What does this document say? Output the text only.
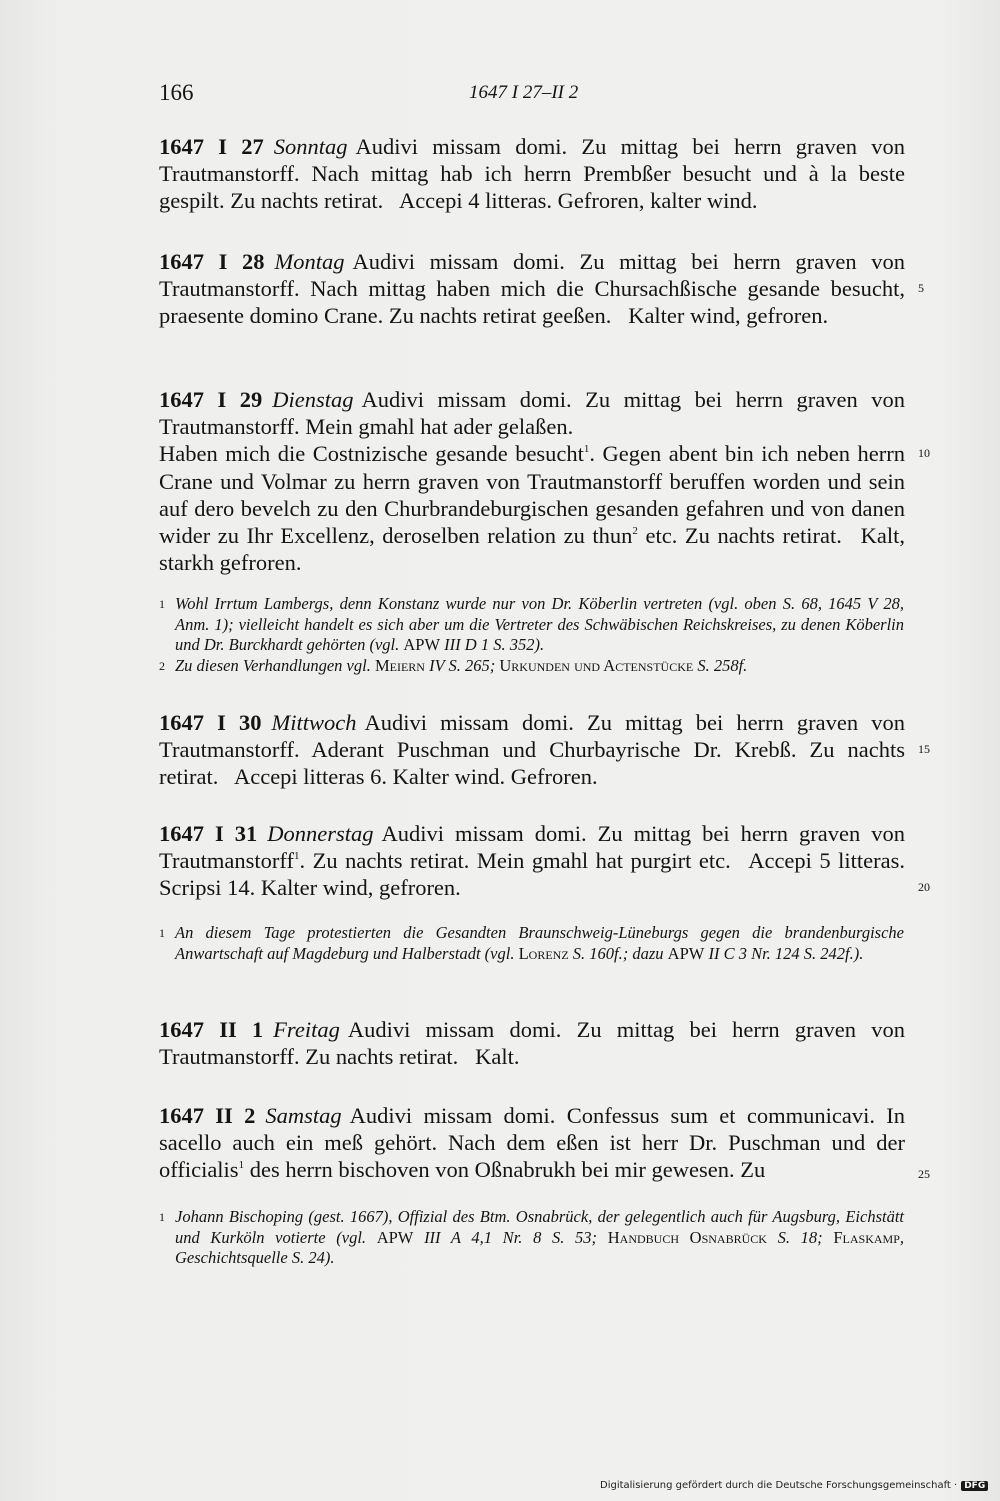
166	1647 I 27–II 2

1647 I 27 Sonntag Audivi missam domi. Zu mittag bei herrn graven von Trautmanstorff. Nach mittag hab ich herrn Prembßer besucht und à la beste gespilt. Zu nachts retirat.  Accepi 4 litteras. Gefroren, kalter wind.

1647 I 28 Montag Audivi missam domi. Zu mittag bei herrn graven von Trautmanstorff. Nach mittag haben mich die Chursachßische gesande besucht, praesente domino Crane. Zu nachts retirat geeßen.  Kalter wind, gefroren.

1647 I 29 Dienstag Audivi missam domi. Zu mittag bei herrn graven von Trautmanstorff. Mein gmahl hat ader gelaßen.

Haben mich die Costnizische gesande besucht$^1$. Gegen abent bin ich neben herrn Crane und Volmar zu herrn graven von Trautmanstorff beruffen worden und sein auf dero bevelch zu den Churbrandeburgischen gesanden gefahren und von danen wider zu Ihr Excellenz, deroselben relation zu thun$^2$ etc. Zu nachts retirat.  Kalt, starkh gefroren.

1 Wohl Irrtum Lambergs, denn Konstanz wurde nur von Dr. Köberlin vertreten (vgl. oben S. 68, 1645 V 28, Anm. 1); vielleicht handelt es sich aber um die Vertreter des Schwäbischen Reichskreises, zu denen Köberlin und Dr. Burckhardt gehörten (vgl. APW III D 1 S. 352).
2 Zu diesen Verhandlungen vgl. Meiern IV S. 265; Urkunden und Actenstücke S. 258f.

1647 I 30 Mittwoch Audivi missam domi. Zu mittag bei herrn graven von Trautmanstorff. Aderant Puschman und Churbayrische Dr. Krebß. Zu nachts retirat.  Accepi litteras 6. Kalter wind. Gefroren.

1647 I 31 Donnerstag Audivi missam domi. Zu mittag bei herrn graven von Trautmanstorff$^1$. Zu nachts retirat. Mein gmahl hat purgirt etc.  Accepi 5 litteras. Scripsi 14. Kalter wind, gefroren.

1 An diesem Tage protestierten die Gesandten Braunschweig-Lüneburgs gegen die brandenburgische Anwartschaft auf Magdeburg und Halberstadt (vgl. Lorenz S. 160f.; dazu APW II C 3 Nr. 124 S. 242f.).

1647 II 1 Freitag Audivi missam domi. Zu mittag bei herrn graven von Trautmanstorff. Zu nachts retirat.  Kalt.

1647 II 2 Samstag Audivi missam domi. Confessus sum et communicavi. In sacello auch ein meß gehört. Nach dem eßen ist herr Dr. Puschman und der officialis$^1$ des herrn bischoven von Oßnabrukh bei mir gewesen. Zu

1 Johann Bischoping (gest. 1667), Offizial des Btm. Osnabrück, der gelegentlich auch für Augsburg, Eichstätt und Kurköln votierte (vgl. APW III A 4,1 Nr. 8 S. 53; Handbuch Osnabrück S. 18; Flaskamp, Geschichtsquelle S. 24).
5
10
15
20
25
Digitalisierung gefördert durch die Deutsche Forschungsgemeinschaft · DFG
